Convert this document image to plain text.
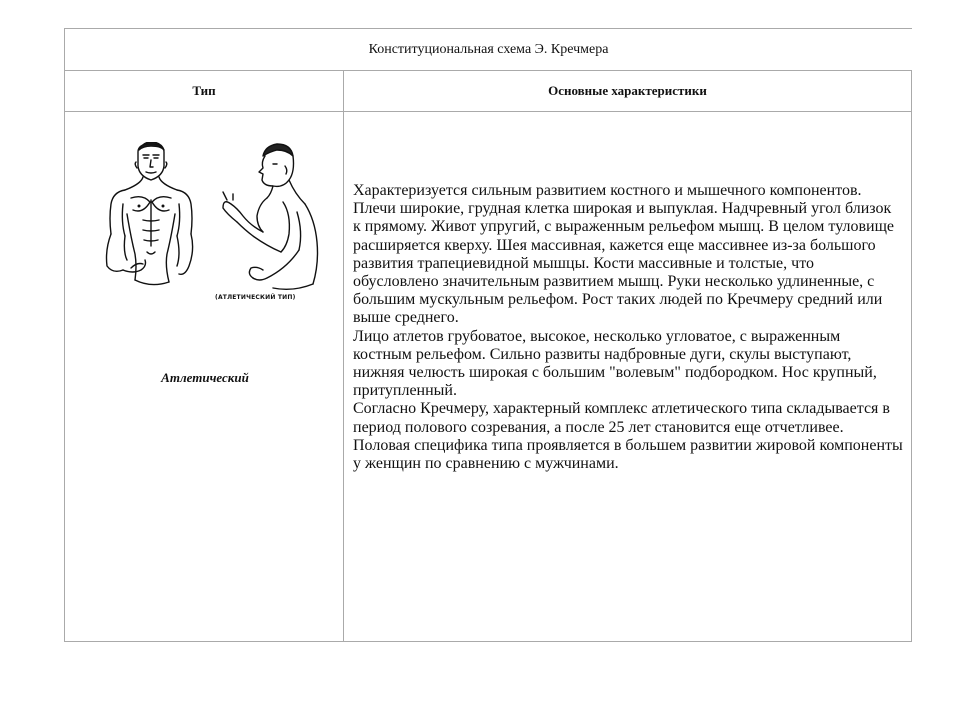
Конституциональная схема Э. Кречмера
Тип	Основные характеристики
(АТЛЕТИЧЕСКИЙ ТИП)
Атлетический

Характеризуется сильным развитием костного и мышечного компонентов.

Плечи широкие, грудная клетка широкая и выпуклая. Надчревный угол близок к прямому. Живот упругий, с выраженным рельефом мышц. В целом туловище расширяется кверху. Шея массивная, кажется еще массивнее из-за большого развития трапециевидной мышцы. Кости массивные и толстые, что обусловлено значительным развитием мышц. Руки несколько удлиненные, с большим мускульным рельефом. Рост таких людей по Кречмеру средний или выше среднего.

Лицо атлетов грубоватое, высокое, несколько угловатое, с выраженным костным рельефом. Сильно развиты надбровные дуги, скулы выступают, нижняя челюсть широкая с большим "волевым" подбородком. Нос крупный, притупленный.

Согласно Кречмеру, характерный комплекс атлетического типа складывается в период полового созревания, а после 25 лет становится еще отчетливее. Половая специфика типа проявляется в большем развитии жировой компоненты у женщин по сравнению с мужчинами.
